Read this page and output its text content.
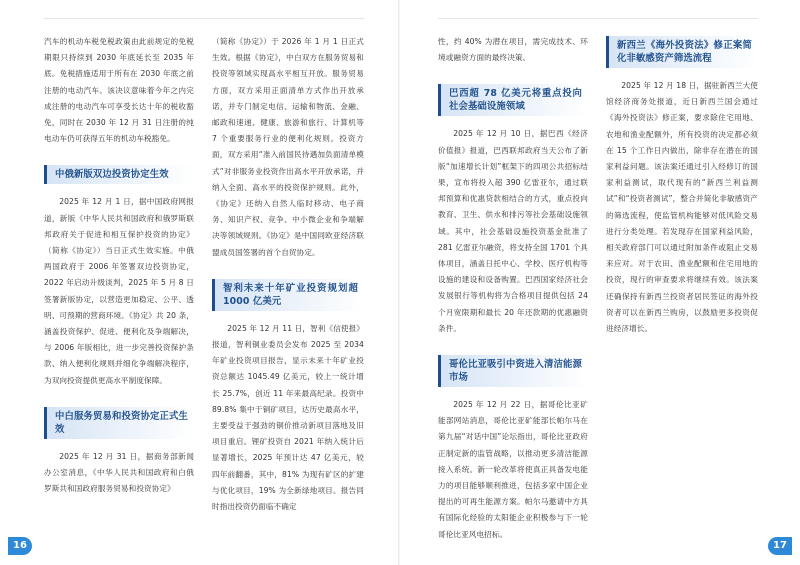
汽车的机动车税免税政策由此前规定的免税期限只持续到 2030 年底延长至 2035 年底。免税措施适用于所有在 2030 年底之前注册的电动汽车。该决议意味着今年之内完成注册的电动汽车可享受长达十年的税收豁免，同时在 2030 年 12 月 31 日注册的纯电动车仍可获得五年的机动车税豁免。

中俄新版双边投资协定生效

2025 年 12 月 1 日，据中国政府网报道，新版《中华人民共和国政府和俄罗斯联邦政府关于促进和相互保护投资的协定》（简称《协定》）当日正式生效实施。中俄两国政府于 2006 年签署双边投资协定，2022 年启动升级谈判，2025 年 5 月 8 日签署新版协定，以营造更加稳定、公平、透明、可预期的营商环境。《协定》共 20 条，涵盖投资保护、促进、便利化及争端解决，与 2006 年版相比，进一步完善投资保护条款、纳入便利化规则并细化争端解决程序，为双向投资提供更高水平制度保障。

中白服务贸易和投资协定正式生效

2025 年 12 月 31 日，据商务部新闻办公室消息，《中华人民共和国政府和白俄罗斯共和国政府服务贸易和投资协定》

（简称《协定》）于 2026 年 1 月 1 日正式生效。根据《协定》，中白双方在服务贸易和投资等领域实现高水平相互开放。服务贸易方面，双方采用正面清单方式作出开放承诺，并专门制定电信、运输和物流、金融、邮政和速递、健康、旅游和旅行、计算机等 7 个重要服务行业的便利化规则。投资方面，双方采用“准入前国民待遇加负面清单模式”对非服务业投资作出高水平开放承诺，并纳入全面、高水平的投资保护规则。此外，《协定》还纳入自然人临时移动、电子商务、知识产权、竞争、中小微企业和争端解决等领域规则。《协定》是中国同欧亚经济联盟成员国签署的首个自贸协定。

智利未来十年矿业投资规划超 1000 亿美元

2025 年 12 月 11 日，智利《信使报》报道，智利铜业委员会发布 2025 至 2034 年矿业投资项目报告，显示未来十年矿业投资总额达 1045.49 亿美元，较上一统计增长 25.7%，创近 11 年来最高纪录。投资中 89.8% 集中于铜矿项目，达历史最高水平，主要受益于强劲的铜价推动新项目落地及旧项目重启。锂矿投资自 2021 年纳入统计后显著增长，2025 年预计达 47 亿美元，较四年前翻番，其中，81% 为现有矿区的扩建与优化项目，19% 为全新绿地项目。报告同时指出投资仍面临不确定

16	17

性，约 40% 为潜在项目，需完成技术、环境或融资方面的最终决策。

巴西超 78 亿美元将重点投向社会基础设施领域

2025 年 12 月 10 日，据巴西《经济价值报》报道，巴西联邦政府当天公布了新版“加速增长计划”框架下的四项公共招标结果，宣布将投入超 390 亿雷亚尔，通过联邦预算和优惠贷款相结合的方式，重点投向教育、卫生、供水和排污等社会基础设施领域。其中，社会基础设施投资基金批准了 281 亿雷亚尔融资，将支持全国 1701 个具体项目，涵盖日托中心、学校、医疗机构等设施的建设和设备购置。巴西国家经济社会发展银行等机构将为合格项目提供包括 24 个月宽限期和最长 20 年还款期的优惠融资条件。

哥伦比亚吸引中资进入清洁能源市场

2025 年 12 月 22 日，据哥伦比亚矿能部网站消息，哥伦比亚矿能部长帕尔马在第九届“对话中国”论坛指出，哥伦比亚政府正制定新的监管战略，以推动更多清洁能源接入系统。新一轮改革将使真正具备发电能力的项目能够顺利推进，包括多家中国企业提出的可再生能源方案。帕尔马邀请中方具有国际化经验的太阳能企业积极参与下一轮哥伦比亚风电招标。

新西兰《海外投资法》修正案简化非敏感资产筛选流程

2025 年 12 月 18 日，据驻新西兰大使馆经济商务处报道，近日新西兰国会通过《海外投资法》修正案，要求除住宅用地、农地和渔业配额外，所有投资的决定都必须在 15 个工作日内做出，除非存在潜在的国家利益问题。该法案还通过引入经修订的国家利益测试，取代现有的“新西兰利益测试”和“投资者测试”，整合并简化非敏感资产的筛选流程，使监管机构能够对低风险交易进行分类处理。若发现存在国家利益风险，相关政府部门可以通过附加条件或阻止交易来应对。对于农田、渔业配额和住宅用地的投资，现行的审查要求将继续有效。该法案还确保持有新西兰投资者居民签证的海外投资者可以在新西兰购房，以鼓励更多投资促进经济增长。
